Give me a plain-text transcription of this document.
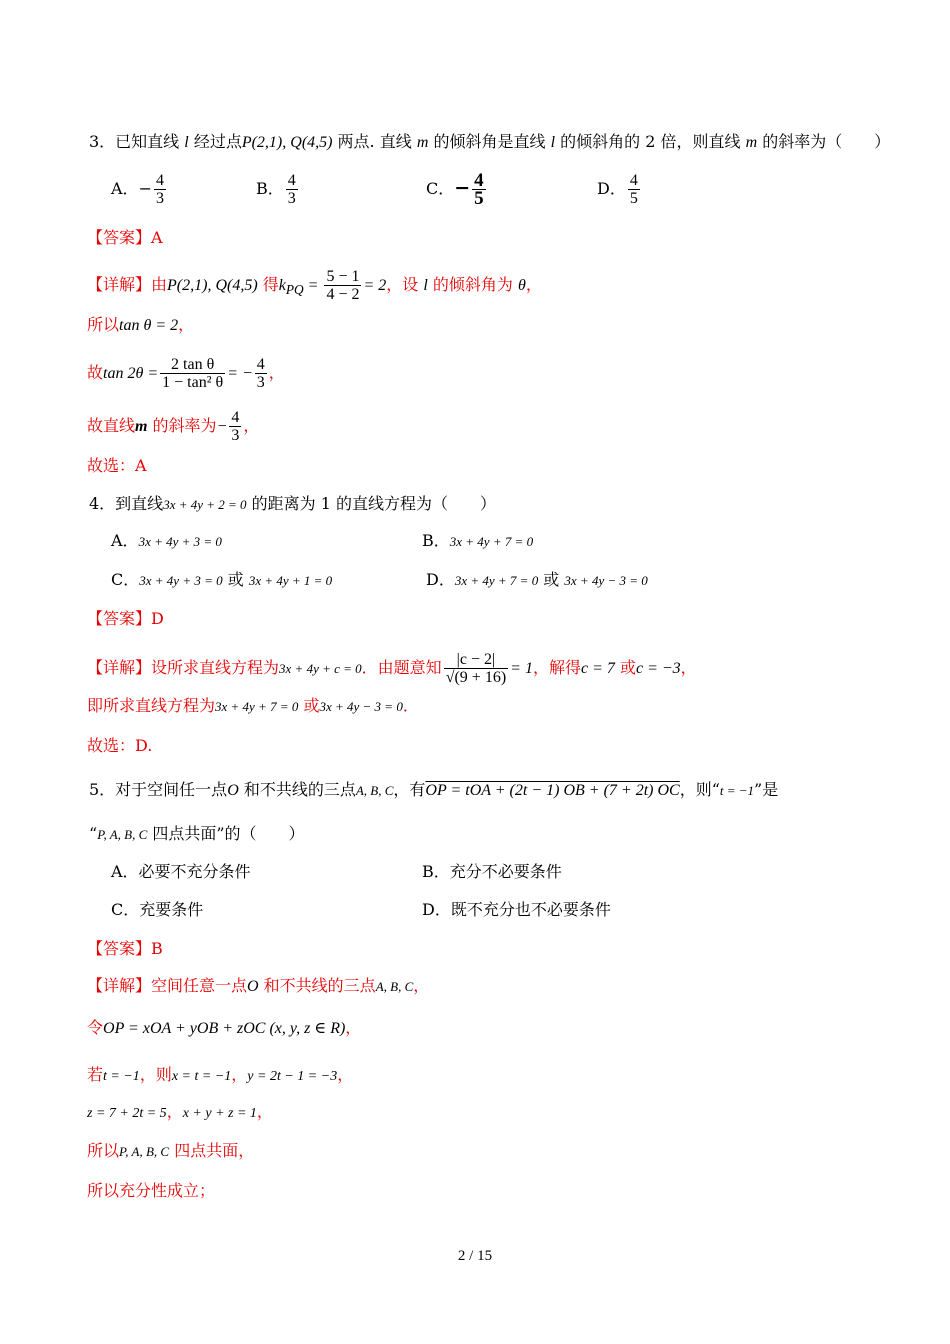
3．已知直线 l 经过点P(2,1), Q(4,5) 两点. 直线 m 的倾斜角是直线 l 的倾斜角的 2 倍，则直线 m 的斜率为（　　）
A．− $\frac{4}{3}$	B． $\frac{4}{3}$	C．− $\frac{4}{5}$	D． $\frac{4}{5}$
【答案】A
【详解】由P(2,1), Q(4,5) 得$k_{PQ} = \frac{5 - 1}{4 - 2} = 2$，设 l 的倾斜角为 θ，
所以tan θ = 2，
故$\tan 2\theta = \frac{\text{2 tan θ}}{\text{1 − tan² θ}}$ = − $\frac{4}{3}$ ，
故直线m 的斜率为− $\frac{4}{3}$ ，
故选：A
4．到直线3x + 4y + 2 = 0 的距离为 1 的直线方程为（　　）
A．3x + 4y + 3 = 0	B．3x + 4y + 7 = 0
C．3x + 4y + 3 = 0 或 3x + 4y + 1 = 0	D．3x + 4y + 7 = 0 或 3x + 4y − 3 = 0
【答案】D
【详解】设所求直线方程为3x + 4y + c = 0．由题意知 $\frac{|c - 2|}{√(9 + 16)} = 1$，解得c = 7 或c = −3，
即所求直线方程为3x + 4y + 7 = 0 或3x + 4y − 3 = 0．
故选：D.
5．对于空间任一点O 和不共线的三点A, B, C，有OP = tOA + (2t − 1) OB + (7 + 2t) OC，则“t = −1”是
“P, A, B, C 四点共面”的（　　）
A．必要不充分条件	B．充分不必要条件
C．充要条件	D．既不充分也不必要条件
【答案】B
【详解】空间任意一点O 和不共线的三点A, B, C，
令OP = xOA + yOB + zOC (x, y, z ∈ R)，
若t = −1，则x = t = −1，y = 2t − 1 = −3，
z = 7 + 2t = 5，x + y + z = 1，
所以P, A, B, C 四点共面，
所以充分性成立；
2 / 15
